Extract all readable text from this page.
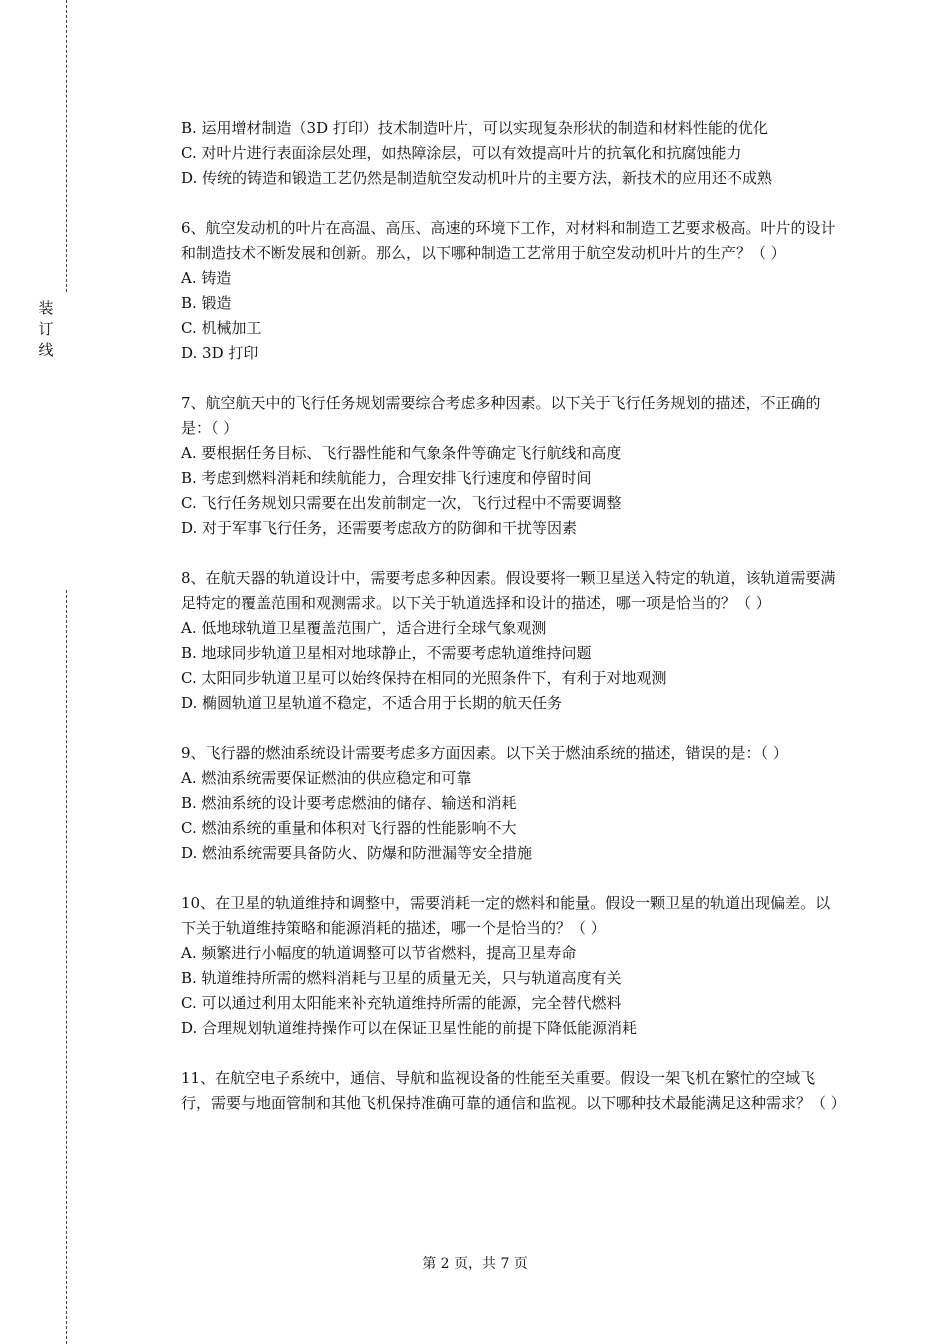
装
订
线
B. 运用增材制造（3D 打印）技术制造叶片，可以实现复杂形状的制造和材料性能的优化
C. 对叶片进行表面涂层处理，如热障涂层，可以有效提高叶片的抗氧化和抗腐蚀能力
D. 传统的铸造和锻造工艺仍然是制造航空发动机叶片的主要方法，新技术的应用还不成熟
6、航空发动机的叶片在高温、高压、高速的环境下工作，对材料和制造工艺要求极高。叶片的设计和制造技术不断发展和创新。那么，以下哪种制造工艺常用于航空发动机叶片的生产？（ ）
A. 铸造
B. 锻造
C. 机械加工
D. 3D 打印
7、航空航天中的飞行任务规划需要综合考虑多种因素。以下关于飞行任务规划的描述，不正确的是：（ ）
A. 要根据任务目标、飞行器性能和气象条件等确定飞行航线和高度
B. 考虑到燃料消耗和续航能力，合理安排飞行速度和停留时间
C. 飞行任务规划只需要在出发前制定一次，飞行过程中不需要调整
D. 对于军事飞行任务，还需要考虑敌方的防御和干扰等因素
8、在航天器的轨道设计中，需要考虑多种因素。假设要将一颗卫星送入特定的轨道，该轨道需要满足特定的覆盖范围和观测需求。以下关于轨道选择和设计的描述，哪一项是恰当的？（ ）
A. 低地球轨道卫星覆盖范围广，适合进行全球气象观测
B. 地球同步轨道卫星相对地球静止，不需要考虑轨道维持问题
C. 太阳同步轨道卫星可以始终保持在相同的光照条件下，有利于对地观测
D. 椭圆轨道卫星轨道不稳定，不适合用于长期的航天任务
9、飞行器的燃油系统设计需要考虑多方面因素。以下关于燃油系统的描述，错误的是：（ ）
A. 燃油系统需要保证燃油的供应稳定和可靠
B. 燃油系统的设计要考虑燃油的储存、输送和消耗
C. 燃油系统的重量和体积对飞行器的性能影响不大
D. 燃油系统需要具备防火、防爆和防泄漏等安全措施
10、在卫星的轨道维持和调整中，需要消耗一定的燃料和能量。假设一颗卫星的轨道出现偏差。以下关于轨道维持策略和能源消耗的描述，哪一个是恰当的？（ ）
A. 频繁进行小幅度的轨道调整可以节省燃料，提高卫星寿命
B. 轨道维持所需的燃料消耗与卫星的质量无关，只与轨道高度有关
C. 可以通过利用太阳能来补充轨道维持所需的能源，完全替代燃料
D. 合理规划轨道维持操作可以在保证卫星性能的前提下降低能源消耗
11、在航空电子系统中，通信、导航和监视设备的性能至关重要。假设一架飞机在繁忙的空域飞行，需要与地面管制和其他飞机保持准确可靠的通信和监视。以下哪种技术最能满足这种需求？（ ）
第 2 页，共 7 页
